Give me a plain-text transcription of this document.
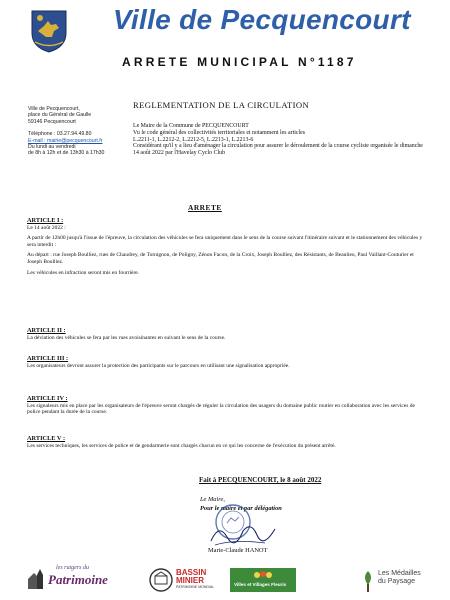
Ville de Pecquencourt
ARRETE MUNICIPAL N°1187
Ville de Pecquencourt,
place du Général de Gaulle
59146 Pecquencourt
Téléphone : 03.27.94.49.80
E-mail : mairie@pecquencourt.fr
Du lundi au vendredi
de 8h à 12h et de 13h30 à 17h30
REGLEMENTATION DE LA CIRCULATION
Le Maire de la Commune de PECQUENCOURT
Vu le code général des collectivités territoriales et notamment les articles
L.2211-1, L.2212-2, L.2212-5, L.2213-1, L.2213-6
Considérant qu'il y a lieu d'aménager la circulation pour assurer le déroulement de la course cycliste organisée le dimanche 14 août 2022 par l'Havelay Cyclo Club
ARRETE
ARTICLE I :

Le 14 août 2022 :

A partir de 12h00 jusqu'à l'issue de l'épreuve, la circulation des véhicules se fera uniquement dans le sens de la course suivant l'itinéraire suivant et le stationnement des véhicules y sera interdit :

Au départ : rue Joseph Boulliez, rues de Chaudrey, de Tornignon, de Poligny, Zénon Facon, de la Croix, Joseph Boulliez, des Résistants, de Beaulieu, Paul Vaillant-Couturier et Joseph Boulliez.

Les véhicules en infraction seront mis en fourrière.

ARTICLE II :

La déviation des véhicules se fera par les rues avoisinantes en suivant le sens de la course.

ARTICLE III :

Les organisateurs devront assurer la protection des participants sur le parcours en utilisant une signalisation appropriée.

ARTICLE IV :

Les signaleurs mis en place par les organisateurs de l'épreuve seront chargés de réguler la circulation des usagers du domaine public routier en collaboration avec les services de police pendant la durée de la course.

ARTICLE V :

Les services techniques, les services de police et de gendarmerie sont chargés chacun en ce qui les concerne de l'exécution du présent arrêté.

Fait à PECQUENCOURT, le 8 août 2022
Le Maire,
Pour le maire et par délégation
Marie-Claude HANOT
les rutgers du
Patrimoine	BASSIN
MINIER
PATRIMOINE MONDIAL	Villes et Villages Fleuris
Les Médailles
du Paysage
